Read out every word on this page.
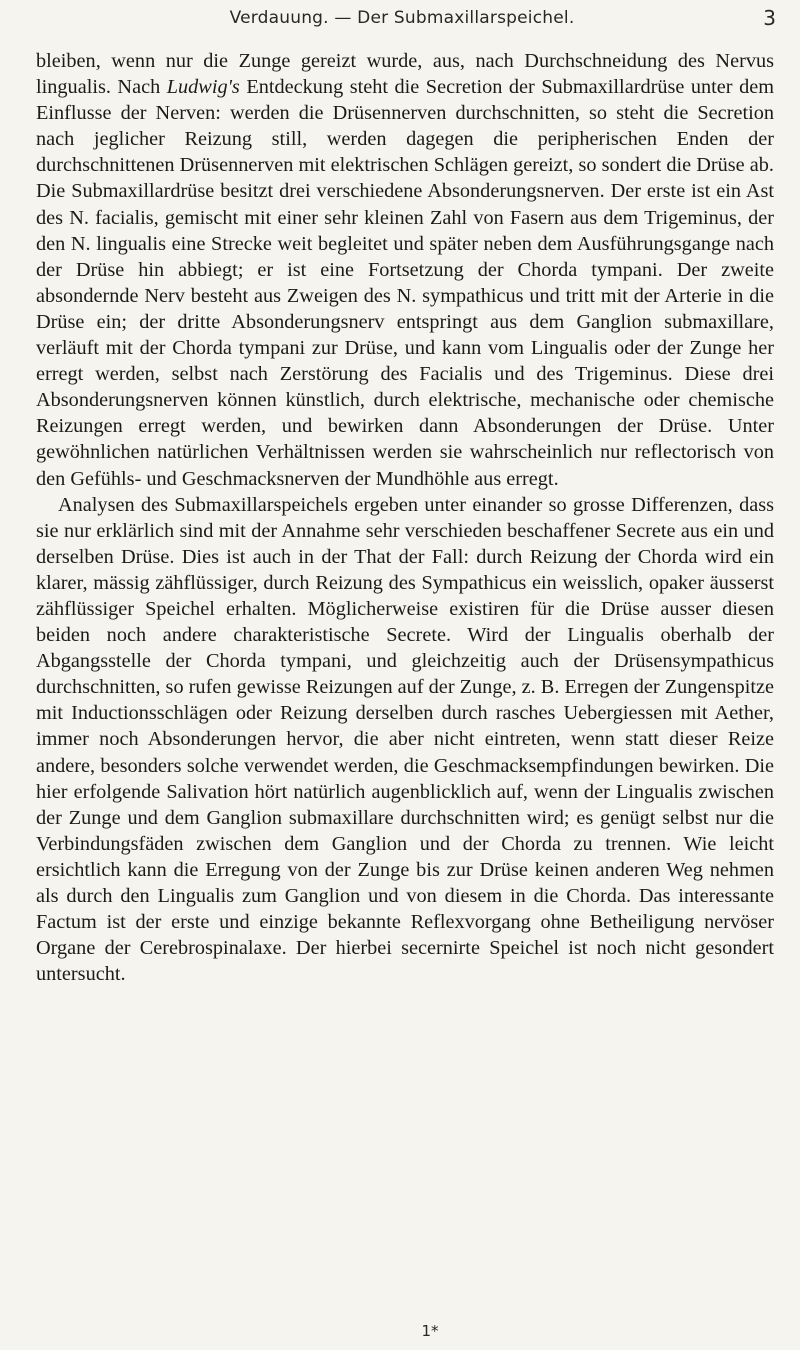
Verdauung. — Der Submaxillarspeichel.	3

bleiben, wenn nur die Zunge gereizt wurde, aus, nach Durchschneidung des Nervus lingualis. Nach Ludwig's Entdeckung steht die Secretion der Submaxillardrüse unter dem Einflusse der Nerven: werden die Drüsennerven durchschnitten, so steht die Secretion nach jeglicher Reizung still, werden dagegen die peripherischen Enden der durchschnittenen Drüsennerven mit elektrischen Schlägen gereizt, so sondert die Drüse ab. Die Submaxillardrüse besitzt drei verschiedene Absonderungsnerven. Der erste ist ein Ast des N. facialis, gemischt mit einer sehr kleinen Zahl von Fasern aus dem Trigeminus, der den N. lingualis eine Strecke weit begleitet und später neben dem Ausführungsgange nach der Drüse hin abbiegt; er ist eine Fortsetzung der Chorda tympani. Der zweite absondernde Nerv besteht aus Zweigen des N. sympathicus und tritt mit der Arterie in die Drüse ein; der dritte Absonderungsnerv entspringt aus dem Ganglion submaxillare, verläuft mit der Chorda tympani zur Drüse, und kann vom Lingualis oder der Zunge her erregt werden, selbst nach Zerstörung des Facialis und des Trigeminus. Diese drei Absonderungsnerven können künstlich, durch elektrische, mechanische oder chemische Reizungen erregt werden, und bewirken dann Absonderungen der Drüse. Unter gewöhnlichen natürlichen Verhältnissen werden sie wahrscheinlich nur reflectorisch von den Gefühls- und Geschmacksnerven der Mundhöhle aus erregt.

Analysen des Submaxillarspeichels ergeben unter einander so grosse Differenzen, dass sie nur erklärlich sind mit der Annahme sehr verschieden beschaffener Secrete aus ein und derselben Drüse. Dies ist auch in der That der Fall: durch Reizung der Chorda wird ein klarer, mässig zähflüssiger, durch Reizung des Sympathicus ein weisslich, opaker äusserst zähflüssiger Speichel erhalten. Möglicherweise existiren für die Drüse ausser diesen beiden noch andere charakteristische Secrete. Wird der Lingualis oberhalb der Abgangsstelle der Chorda tympani, und gleichzeitig auch der Drüsensympathicus durchschnitten, so rufen gewisse Reizungen auf der Zunge, z. B. Erregen der Zungenspitze mit Inductionsschlägen oder Reizung derselben durch rasches Uebergiessen mit Aether, immer noch Absonderungen hervor, die aber nicht eintreten, wenn statt dieser Reize andere, besonders solche verwendet werden, die Geschmacksempfindungen bewirken. Die hier erfolgende Salivation hört natürlich augenblicklich auf, wenn der Lingualis zwischen der Zunge und dem Ganglion submaxillare durchschnitten wird; es genügt selbst nur die Verbindungsfäden zwischen dem Ganglion und der Chorda zu trennen. Wie leicht ersichtlich kann die Erregung von der Zunge bis zur Drüse keinen anderen Weg nehmen als durch den Lingualis zum Ganglion und von diesem in die Chorda. Das interessante Factum ist der erste und einzige bekannte Reflexvorgang ohne Betheiligung nervöser Organe der Cerebrospinalaxe. Der hierbei secernirte Speichel ist noch nicht gesondert untersucht.

1*
